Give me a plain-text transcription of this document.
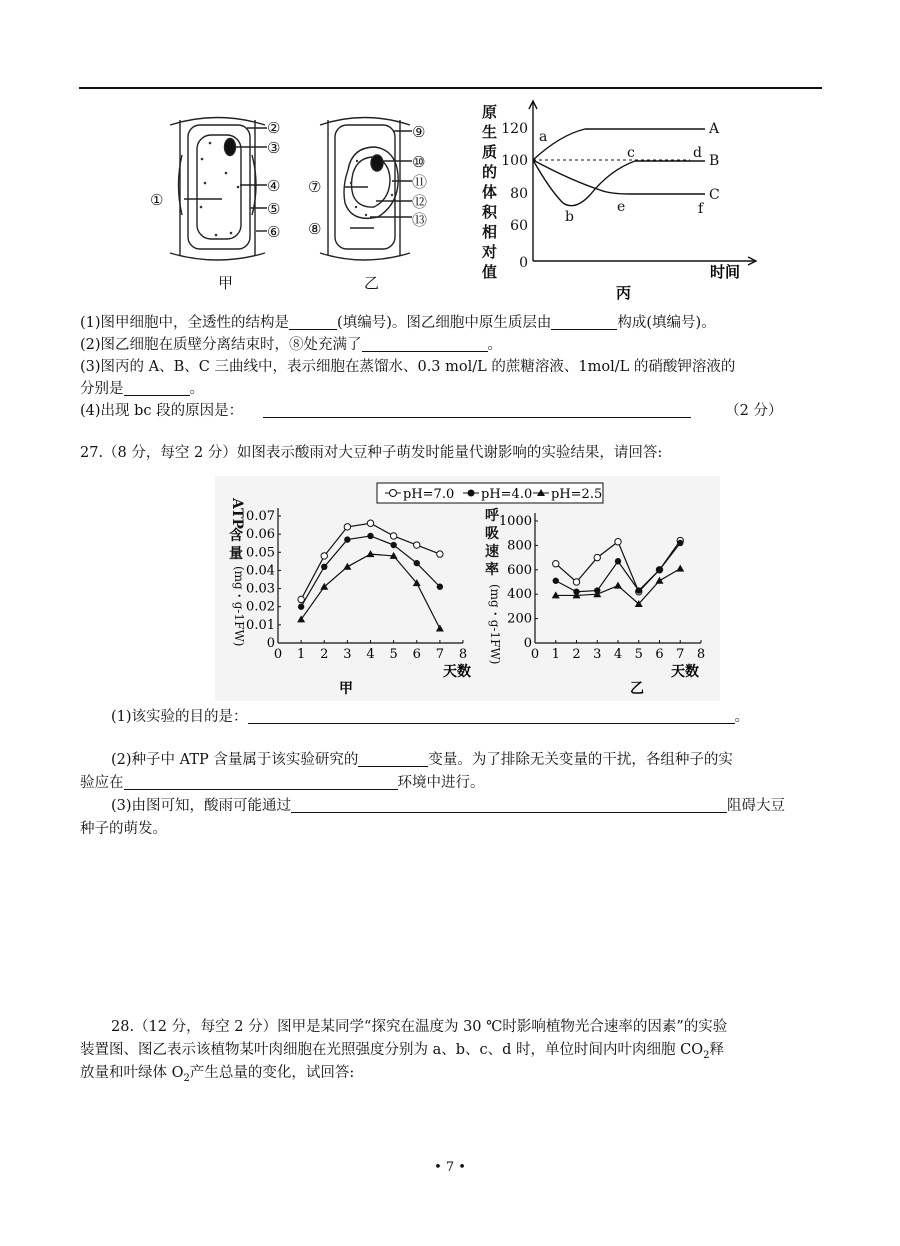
①
②
③
④
⑤
⑥
甲
⑦
⑧
⑨
⑩
⑪
⑫
⑬
乙
原
生
质
的
体
积
相
对
值
120
100
80
60
0
A
B
C
a
b
c	d
e	f
时间
丙
(1)图甲细胞中，全透性的结构是	(填编号)。图乙细胞中原生质层由	构成(填编号)。
(2)图乙细胞在质壁分离结束时，⑧处充满了	。
(3)图丙的 A、B、C 三曲线中，表示细胞在蒸馏水、0.3 mol/L 的蔗糖溶液、1mol/L 的硝酸钾溶液的
分别是	。
(4)出现 bc 段的原因是：	（2 分）
27.（8 分，每空 2 分）如图表示酸雨对大豆种子萌发时能量代谢影响的实验结果，请回答:
pH=7.0 pH=4.0 pH=2.5
ATP
含
量
(mg・g-1FW)
呼
吸
速
率
(mg・g-1FW)
0 1 2 3 4 5 6 7 8
0.07
0.06
0.05
0.04
0.03
0.02
0.01
0
0 1 2 3 4 5 6 7 8
1000
800
600
400
200
0
天数	天数
甲	乙
(1)该实验的目的是：	。
(2)种子中 ATP 含量属于该实验研究的	变量。为了排除无关变量的干扰，各组种子的实
验应在	环境中进行。
(3)由图可知，酸雨可能通过	阻碍大豆
种子的萌发。
28.（12 分，每空 2 分）图甲是某同学“探究在温度为 30 ℃时影响植物光合速率的因素”的实验
装置图、图乙表示该植物某叶肉细胞在光照强度分别为 a、b、c、d 时，单位时间内叶肉细胞 $CO_2$释
放量和叶绿体 $O_2$产生总量的变化，试回答:
• 7 •
